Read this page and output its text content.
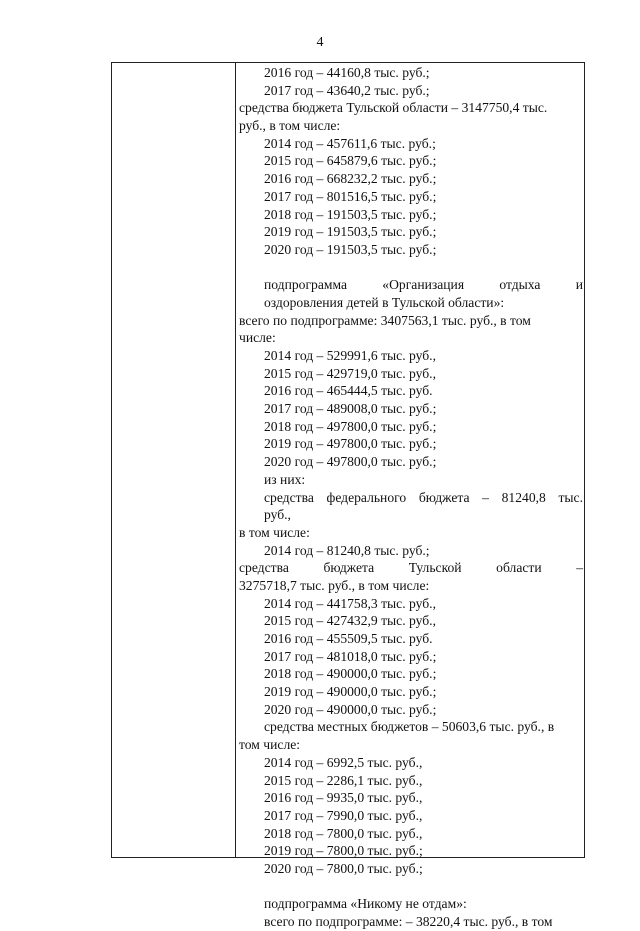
4
2016 год – 44160,8 тыс. руб.;
2017 год – 43640,2 тыс. руб.;
средства бюджета Тульской области – 3147750,4 тыс.
руб., в том числе:
2014 год – 457611,6 тыс. руб.;
2015 год – 645879,6 тыс. руб.;
2016 год – 668232,2 тыс. руб.;
2017 год – 801516,5 тыс. руб.;
2018 год – 191503,5 тыс. руб.;
2019 год – 191503,5 тыс. руб.;
2020 год – 191503,5 тыс. руб.;
подпрограмма	«Организация	отдыха	и
оздоровления детей в Тульской области»:
всего по подпрограмме: 3407563,1 тыс. руб., в том
числе:
2014 год – 529991,6 тыс. руб.,
2015 год – 429719,0 тыс. руб.,
2016 год – 465444,5 тыс. руб.
2017 год – 489008,0 тыс. руб.;
2018 год – 497800,0 тыс. руб.;
2019 год – 497800,0 тыс. руб.;
2020 год – 497800,0 тыс. руб.;
из них:
средства федерального бюджета – 81240,8 тыс.
руб.,
в том числе:
2014 год – 81240,8 тыс. руб.;
средства	бюджета	Тульской	области	–
3275718,7 тыс. руб., в том числе:
2014 год – 441758,3 тыс. руб.,
2015 год – 427432,9 тыс. руб.,
2016 год – 455509,5 тыс. руб.
2017 год – 481018,0 тыс. руб.;
2018 год – 490000,0 тыс. руб.;
2019 год – 490000,0 тыс. руб.;
2020 год – 490000,0 тыс. руб.;
средства местных бюджетов – 50603,6 тыс. руб., в
том числе:
2014 год – 6992,5 тыс. руб.,
2015 год – 2286,1 тыс. руб.,
2016 год – 9935,0 тыс. руб.,
2017 год – 7990,0 тыс. руб.,
2018 год – 7800,0 тыс. руб.,
2019 год – 7800,0 тыс. руб.;
2020 год – 7800,0 тыс. руб.;
подпрограмма «Никому не отдам»:
всего по подпрограмме: – 38220,4 тыс. руб., в том
